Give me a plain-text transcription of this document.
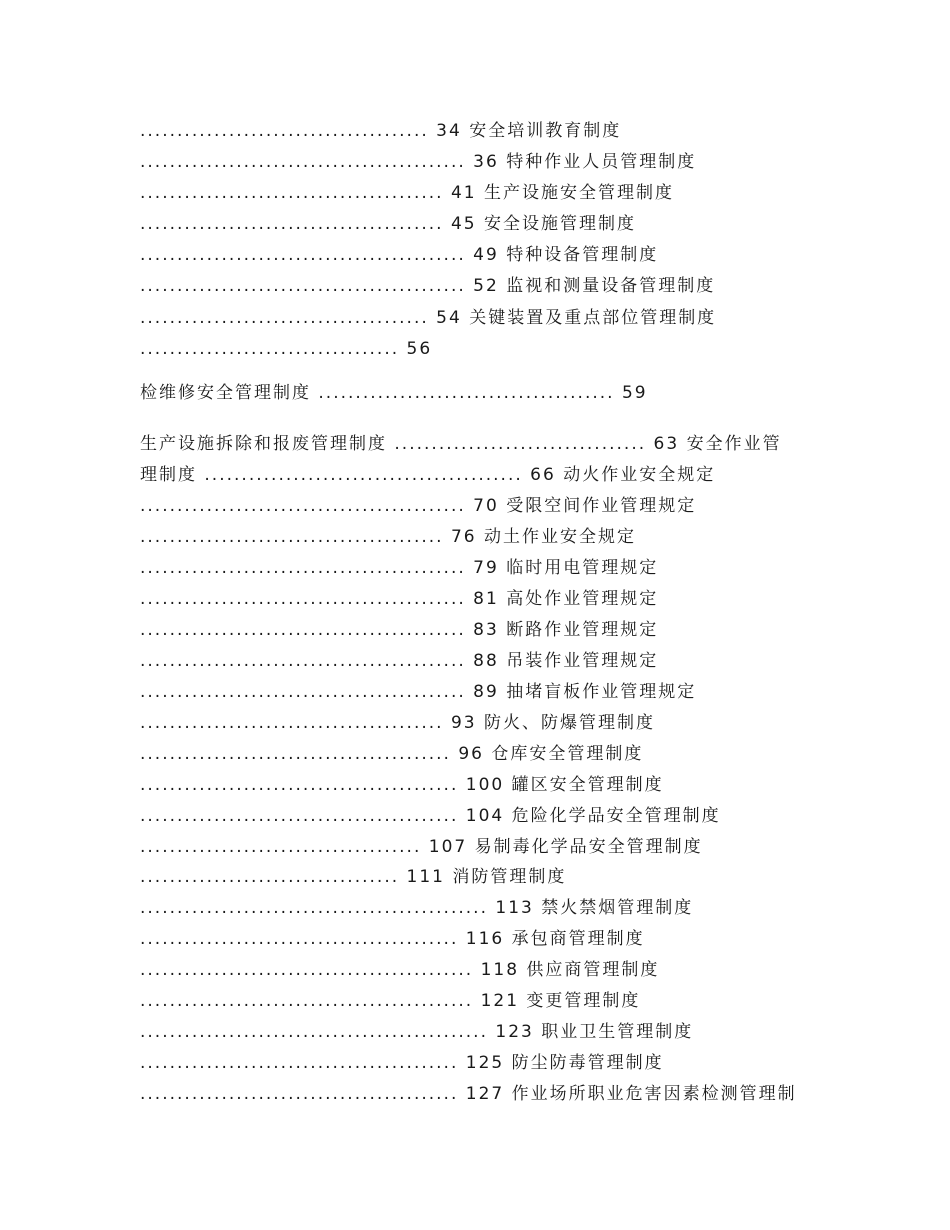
....................................... 34 安全培训教育制度
............................................ 36 特种作业人员管理制度
......................................... 41 生产设施安全管理制度
......................................... 45 安全设施管理制度
............................................ 49 特种设备管理制度
............................................ 52 监视和测量设备管理制度
....................................... 54 关键装置及重点部位管理制度
................................... 56
检维修安全管理制度 ........................................ 59
生产设施拆除和报废管理制度 .................................. 63 安全作业管
理制度 ........................................... 66 动火作业安全规定
............................................ 70 受限空间作业管理规定
......................................... 76 动土作业安全规定
............................................ 79 临时用电管理规定
............................................ 81 高处作业管理规定
............................................ 83 断路作业管理规定
............................................ 88 吊装作业管理规定
............................................ 89 抽堵盲板作业管理规定
......................................... 93 防火、防爆管理制度
.......................................... 96 仓库安全管理制度
........................................... 100 罐区安全管理制度
........................................... 104 危险化学品安全管理制度
...................................... 107 易制毒化学品安全管理制度
................................... 111 消防管理制度
............................................... 113 禁火禁烟管理制度
........................................... 116 承包商管理制度
............................................. 118 供应商管理制度
............................................. 121 变更管理制度
............................................... 123 职业卫生管理制度
........................................... 125 防尘防毒管理制度
........................................... 127 作业场所职业危害因素检测管理制
